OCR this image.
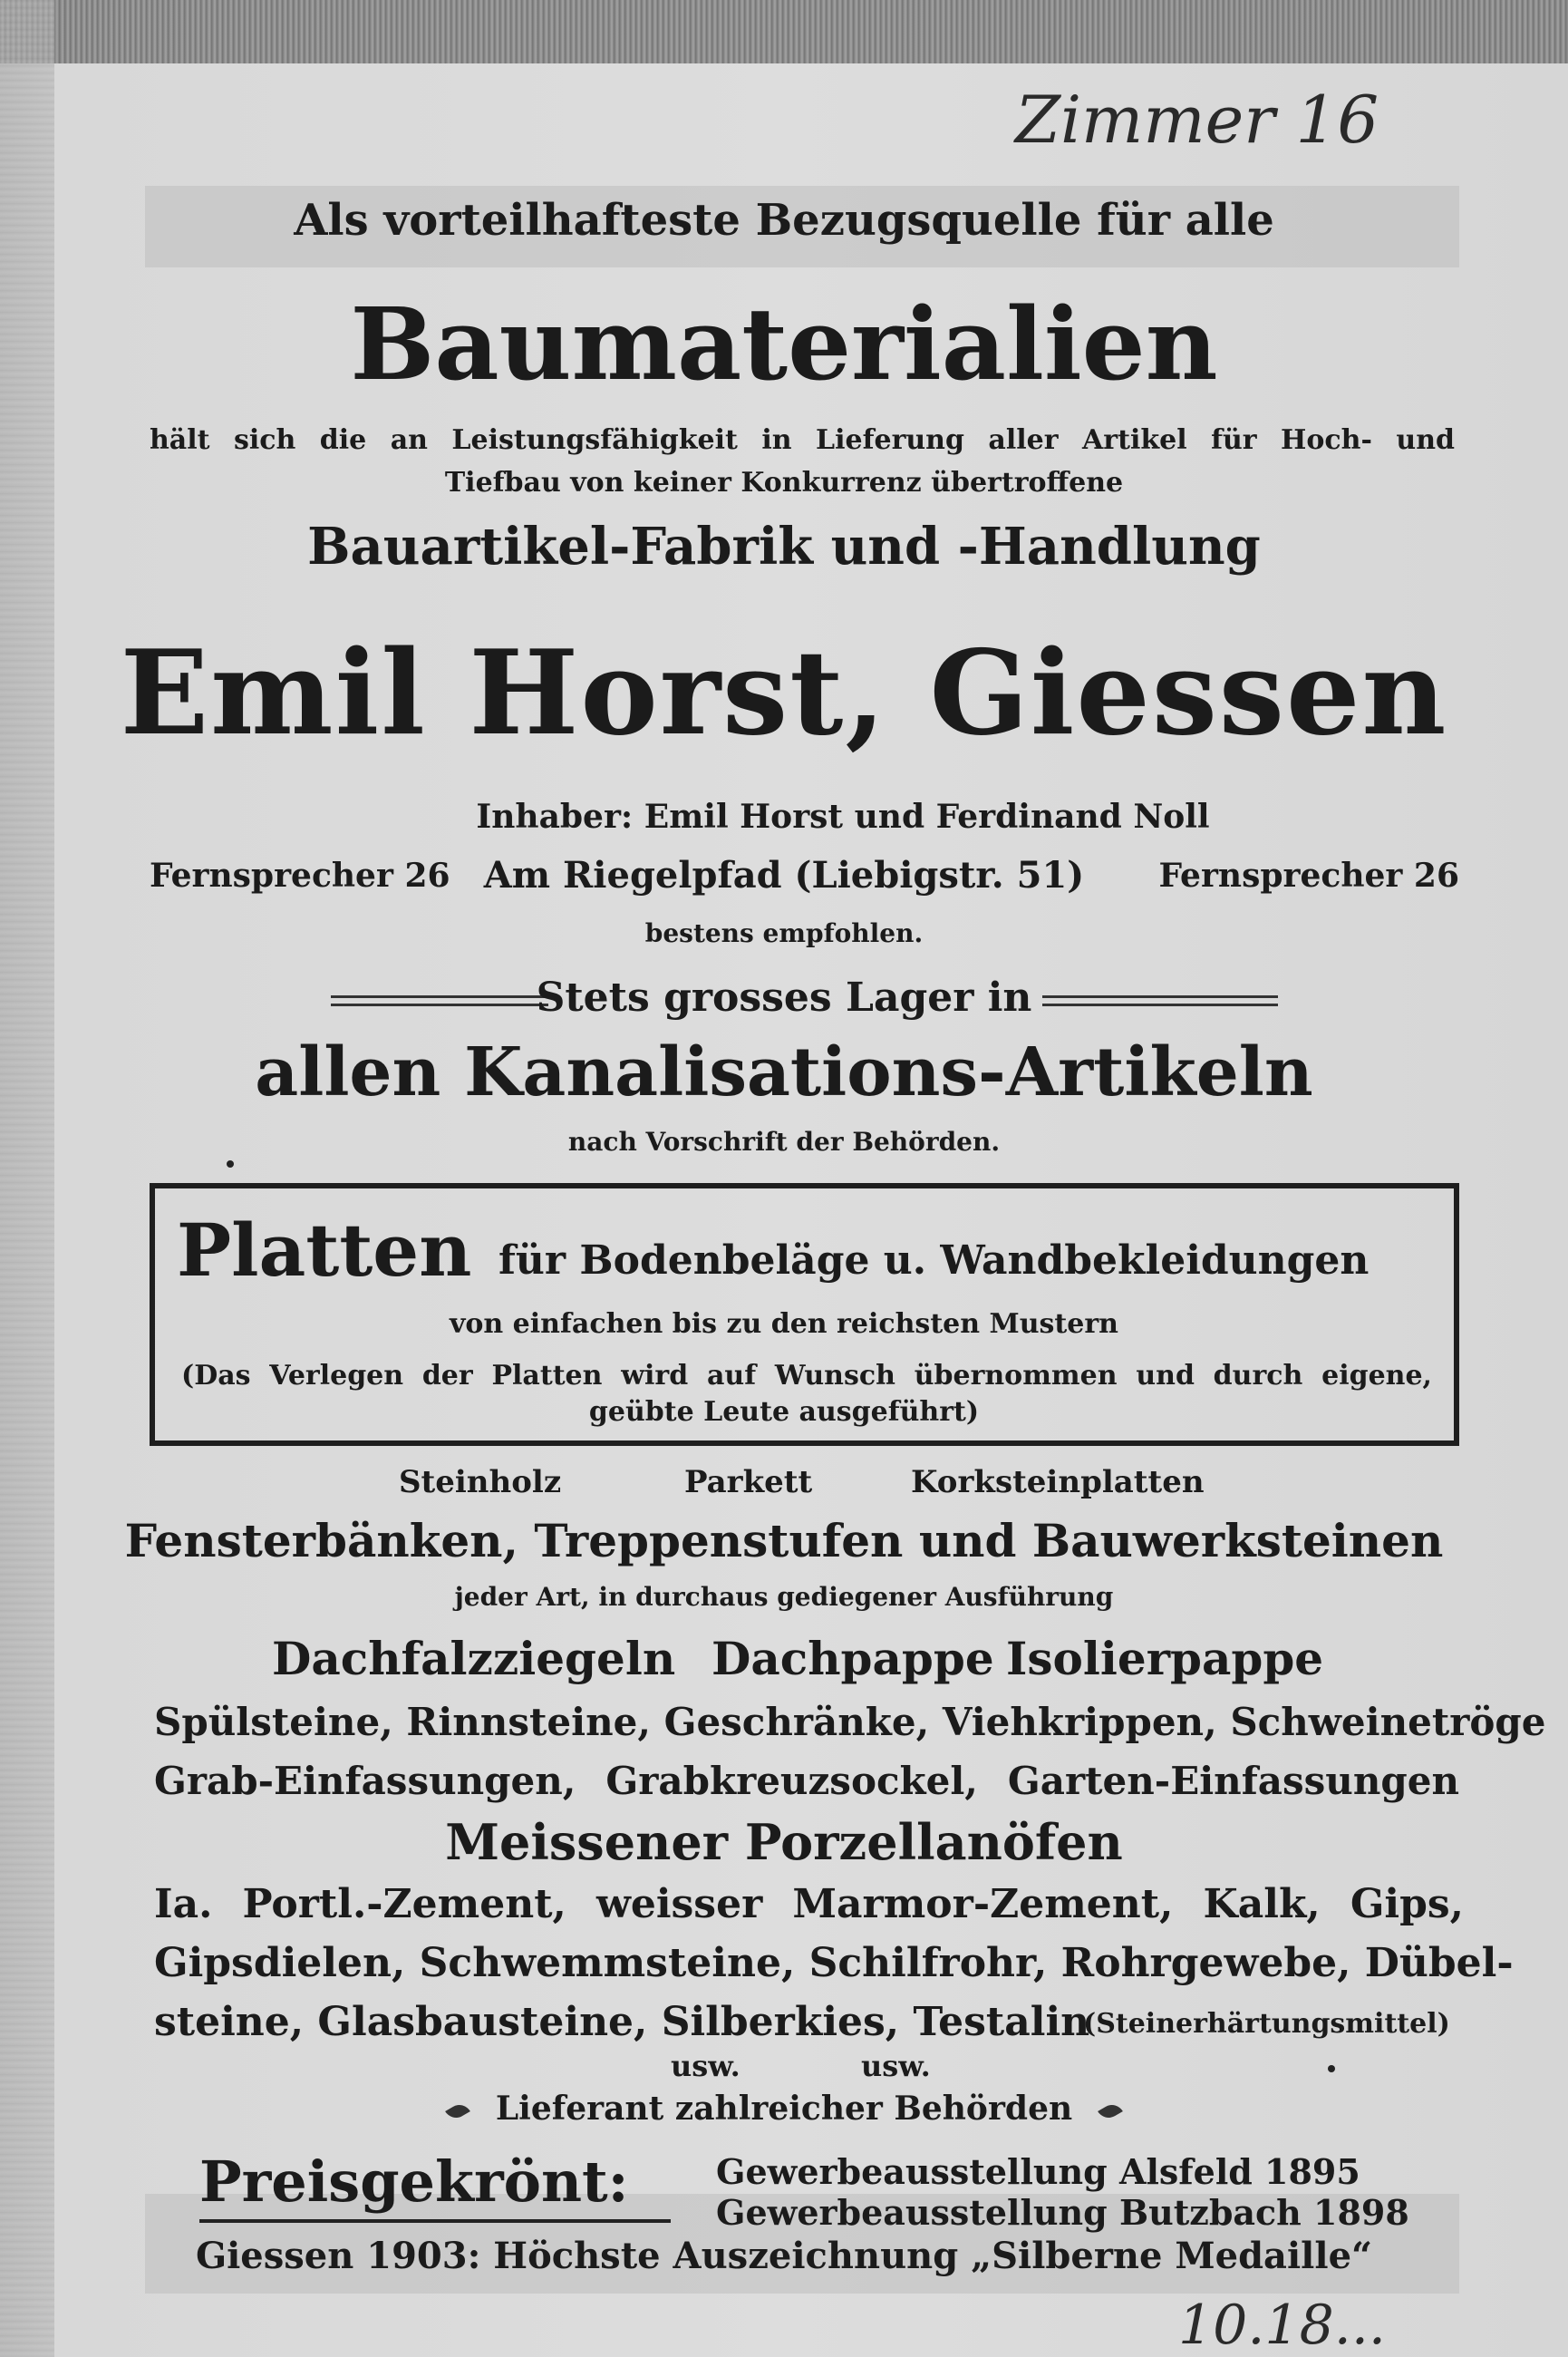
Zimmer 16
Als vorteilhafteste Bezugsquelle für alle
Baumaterialien
hält sich die an Leistungsfähigkeit in Lieferung aller Artikel für Hoch- und
Tiefbau von keiner Konkurrenz übertroffene
Bauartikel-Fabrik und -Handlung
Emil Horst, Giessen
Inhaber: Emil Horst und Ferdinand Noll
Fernsprecher 26 Am Riegelpfad (Liebigstr. 51)	Fernsprecher 26
bestens empfohlen.
Stets grosses Lager in
allen Kanalisations-Artikeln
nach Vorschrift der Behörden.
Platten für Bodenbeläge u. Wandbekleidungen
von einfachen bis zu den reichsten Mustern
(Das Verlegen der Platten wird auf Wunsch übernommen und durch eigene,
geübte Leute ausgeführt)
Steinholz	Parkett	Korksteinplatten
Fensterbänken, Treppenstufen und Bauwerksteinen
jeder Art, in durchaus gediegener Ausführung
Dachfalzziegeln Dachpappe Isolierpappe
Spülsteine, Rinnsteine, Geschränke, Viehkrippen, Schweinetröge
Grab-Einfassungen, Grabkreuzsockel, Garten-Einfassungen
Meissener Porzellanöfen
Ia. Portl.-Zement, weisser Marmor-Zement, Kalk, Gips,
Gipsdielen, Schwemmsteine, Schilfrohr, Rohrgewebe, Dübel-
steine, Glasbausteine, Silberkies, Testalin
(Steinerhärtungsmittel)
usw.	usw.
Lieferant zahlreicher Behörden
Preisgekrönt:	Gewerbeausstellung Alsfeld 1895
Gewerbeausstellung Butzbach 1898
Giessen 1903: Höchste Auszeichnung „Silberne Medaille“
10.18...
